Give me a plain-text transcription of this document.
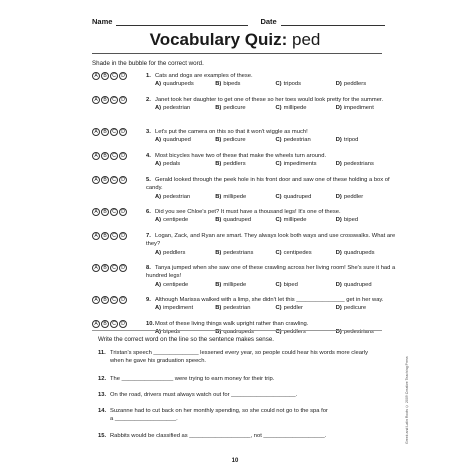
Name	Date
Vocabulary Quiz: ped
Shade in the bubble for the correct word.
A	B	C	D	1. Cats and dogs are examples of these.
A) quadrupeds	B) bipeds	C) tripods	D) peddlers
A	B	C	D	2. Janet took her daughter to get one of these so her toes would look pretty for the summer.
A) pedestrian	B) pedicure	C) millipede	D) impediment
A	B	C	D	3. Let's put the camera on this so that it won't wiggle as much!
A) quadruped	B) pedicure	C) pedestrian	D) tripod
A	B	C	D	4. Most bicycles have two of these that make the wheels turn around.
A) pedals	B) peddlers	C) impediments	D) pedestrians
A	B	C	D	5. Gerald looked through the peek hole in his front door and saw one of these holding a box of candy.
A) pedestrian	B) millipede	C) quadruped	D) peddler
A	B	C	D	6. Did you see Chloe's pet? It must have a thousand legs! It's one of these.
A) centipede	B) quadruped	C) millipede	D) biped
A	B	C	D	7. Logan, Zack, and Ryan are smart. They always look both ways and use crosswalks. What are they?
A) peddlers	B) pedestrians	C) centipedes	D) quadrupeds
A	B	C	D	8. Tanya jumped when she saw one of these crawling across her living room! She's sure it had a hundred legs!
A) centipede	B) millipede	C) biped	D) quadruped
A	B	C	D	9. Although Marissa walked with a limp, she didn't let this _______________ get in her way.
A) impediment	B) pedestrian	C) peddler	D) pedicure
A	B	C	D	10.Most of these living things walk upright rather than crawling.
A) bipeds	B) quadrupeds	C) peddlers	D) pedestrians
Write the correct word on the line so the sentence makes sense.
11. Tristan's speech ______________ lessened every year, so people could hear his words more clearly
when he gave his graduation speech.
12. The ________________ were trying to earn money for their trip.
13. On the road, drivers must always watch out for ____________________.
14. Suzanne had to cut back on her monthly spending, so she could not go to the spa for
a ___________________.
15. Rabbits would be classified as ___________________, not ___________________.	Greek and Latin Roots © 2009 Creative Teaching Press
10
